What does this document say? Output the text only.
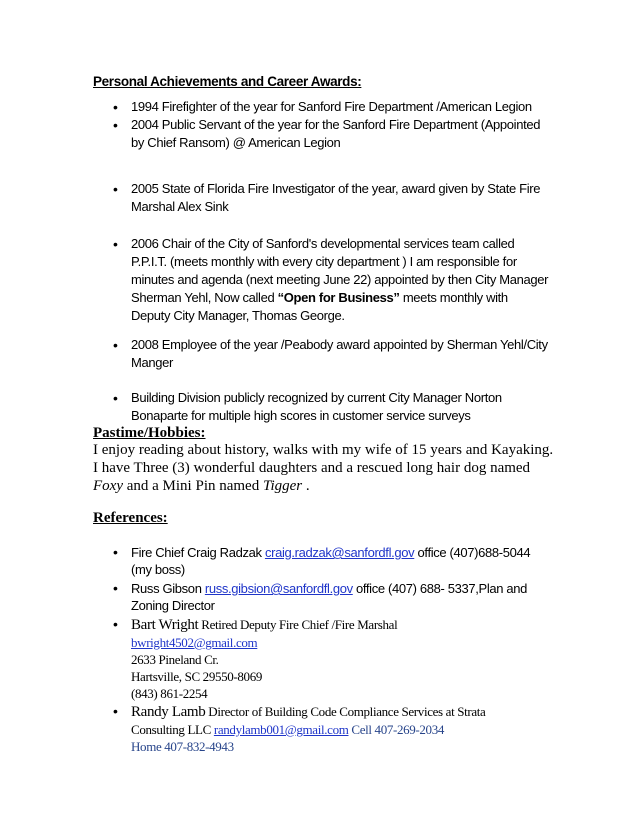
Personal Achievements and Career Awards:
• 1994 Firefighter of the year for Sanford Fire Department /American Legion
• 2004 Public Servant of the year for the Sanford Fire Department (Appointed
by Chief Ransom) @ American Legion
• 2005 State of Florida Fire Investigator of the year, award given by State Fire
Marshal Alex Sink
• 2006 Chair of the City of Sanford's developmental services team called
P.P.I.T. (meets monthly with every city department ) I am responsible for
minutes and agenda (next meeting June 22) appointed by then City Manager
Sherman Yehl, Now called “Open for Business” meets monthly with
Deputy City Manager, Thomas George.
• 2008 Employee of the year /Peabody award appointed by Sherman Yehl/City
Manger
• Building Division publicly recognized by current City Manager Norton
Bonaparte for multiple high scores in customer service surveys
Pastime/Hobbies:
I enjoy reading about history, walks with my wife of 15 years and Kayaking.
I have Three (3) wonderful daughters and a rescued long hair dog named
Foxy and a Mini Pin named Tigger .
References:
• Fire Chief Craig Radzak craig.radzak@sanfordfl.gov office (407)688-5044
(my boss)
• Russ Gibson russ.gibsion@sanfordfl.gov office (407) 688- 5337,Plan and
Zoning Director
• Bart Wright Retired Deputy Fire Chief /Fire Marshal
bwright4502@gmail.com
2633 Pineland Cr.
Hartsville, SC 29550-8069
(843) 861-2254
• Randy Lamb Director of Building Code Compliance Services at Strata
Consulting LLC randylamb001@gmail.com Cell 407-269-2034
Home 407-832-4943
